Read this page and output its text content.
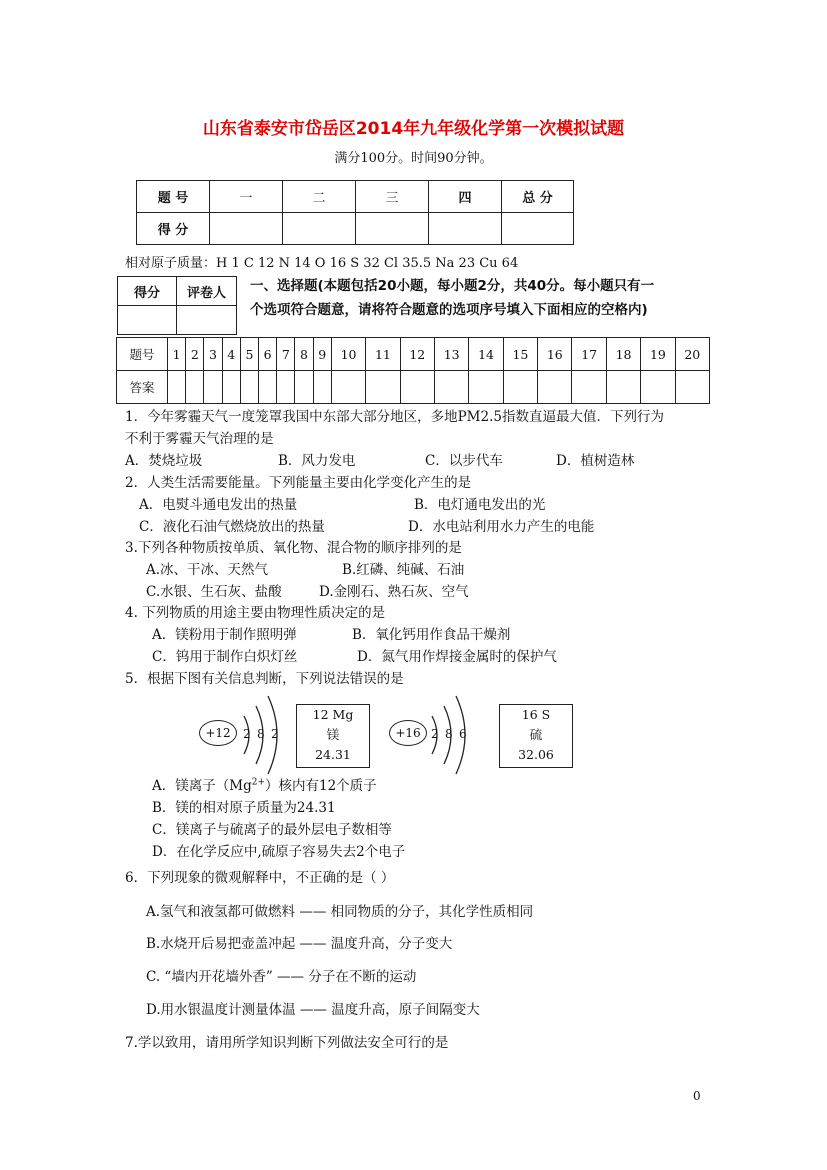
山东省泰安市岱岳区2014年九年级化学第一次模拟试题
满分100分。时间90分钟。
题 号	一	二	三	四	总 分
得 分					
相对原子质量：H 1 C 12 N 14 O 16 S 32 Cl 35.5 Na 23 Cu 64
得分	评卷人
	一、选择题(本题包括20小题，每小题2分，共40分。每小题只有一
个选项符合题意，请将符合题意的选项序号填入下面相应的空格内)
题号	1	2	3	4	5	6	7	8	9	10	11	12	13	14	15	16	17	18	19	20
答案																				
1．今年雾霾天气一度笼罩我国中东部大部分地区，多地PM2.5指数直逼最大值．下列行为
不利于雾霾天气治理的是
A．焚烧垃圾	B．风力发电	C．以步代车	D．植树造林
2．人类生活需要能量。下列能量主要由化学变化产生的是
A．电熨斗通电发出的热量	B．电灯通电发出的光
C．液化石油气燃烧放出的热量	D．水电站利用水力产生的电能
3.下列各种物质按单质、氧化物、混合物的顺序排列的是
A.冰、干冰、天然气	B.红磷、纯碱、石油
C.水银、生石灰、盐酸	D.金刚石、熟石灰、空气
4. 下列物质的用途主要由物理性质决定的是
A．镁粉用于制作照明弹	B．氧化钙用作食品干燥剂
C．钨用于制作白炽灯丝	D．氮气用作焊接金属时的保护气
5．根据下图有关信息判断，下列说法错误的是
+12	2 8 2
12 Mg
镁
24.31
+16 2 8 6
16 S
硫
32.06
A．镁离子$(Mg^{2+})$核内有12个质子
B．镁的相对原子质量为24.31
C．镁离子与硫离子的最外层电子数相等
D．在化学反应中,硫原子容易失去2个电子
6．下列现象的微观解释中，不正确的是（ ）
A.氢气和液氢都可做燃料 —— 相同物质的分子，其化学性质相同
B.水烧开后易把壶盖冲起 —— 温度升高，分子变大
C. “墙内开花墙外香” —— 分子在不断的运动
D.用水银温度计测量体温 —— 温度升高，原子间隔变大
7.学以致用，请用所学知识判断下列做法安全可行的是
0
